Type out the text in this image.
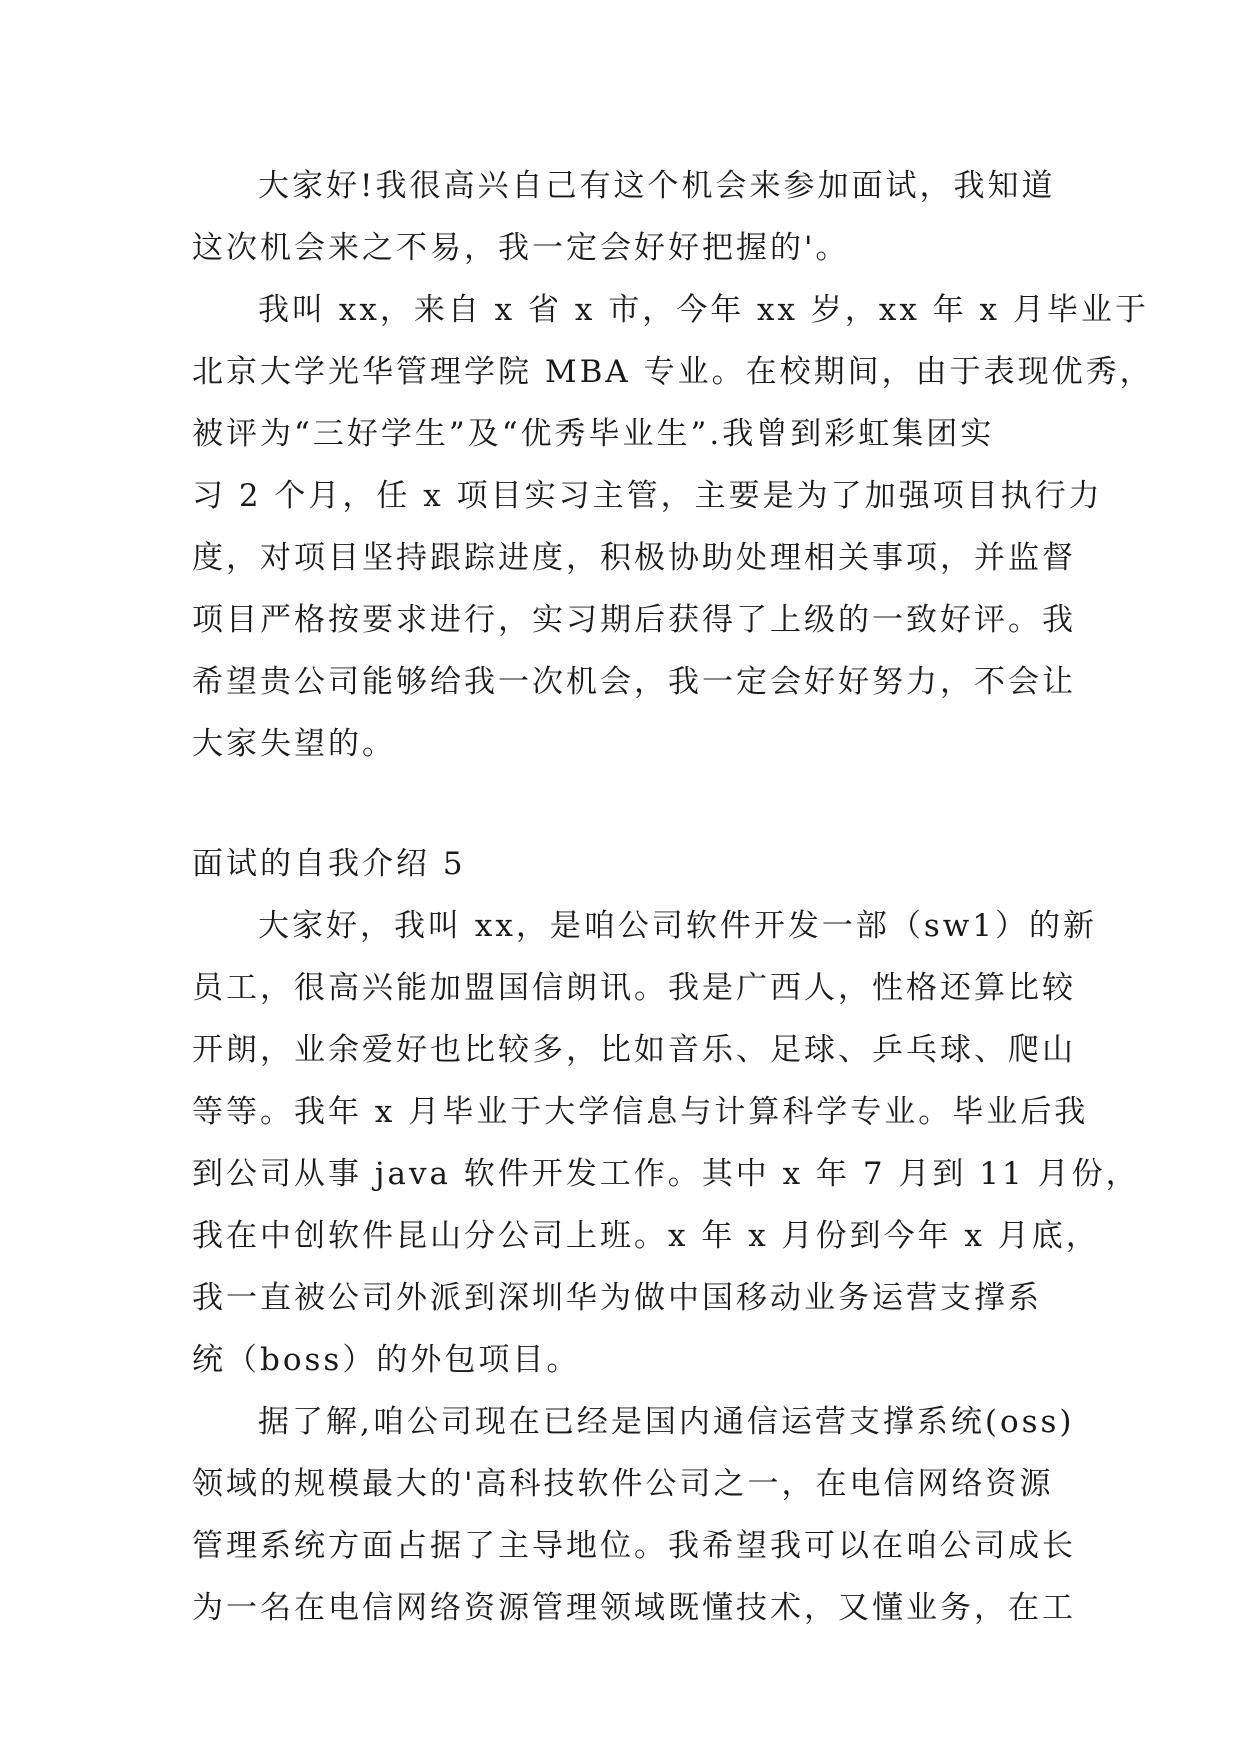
大家好!我很高兴自己有这个机会来参加面试，我知道
这次机会来之不易，我一定会好好把握的'。
我叫 xx，来自 x 省 x 市，今年 xx 岁，xx 年 x 月毕业于
北京大学光华管理学院 MBA 专业。在校期间，由于表现优秀，
被评为“三好学生”及“优秀毕业生”.我曾到彩虹集团实
习 2 个月，任 x 项目实习主管，主要是为了加强项目执行力
度，对项目坚持跟踪进度，积极协助处理相关事项，并监督
项目严格按要求进行，实习期后获得了上级的一致好评。我
希望贵公司能够给我一次机会，我一定会好好努力，不会让
大家失望的。
面试的自我介绍 5
大家好，我叫 xx，是咱公司软件开发一部（sw1）的新
员工，很高兴能加盟国信朗讯。我是广西人，性格还算比较
开朗，业余爱好也比较多，比如音乐、足球、乒乓球、爬山
等等。我年 x 月毕业于大学信息与计算科学专业。毕业后我
到公司从事 java 软件开发工作。其中 x 年 7 月到 11 月份，
我在中创软件昆山分公司上班。x 年 x 月份到今年 x 月底，
我一直被公司外派到深圳华为做中国移动业务运营支撑系
统（boss）的外包项目。
据了解,咱公司现在已经是国内通信运营支撑系统(oss)
领域的规模最大的'高科技软件公司之一，在电信网络资源
管理系统方面占据了主导地位。我希望我可以在咱公司成长
为一名在电信网络资源管理领域既懂技术，又懂业务，在工
